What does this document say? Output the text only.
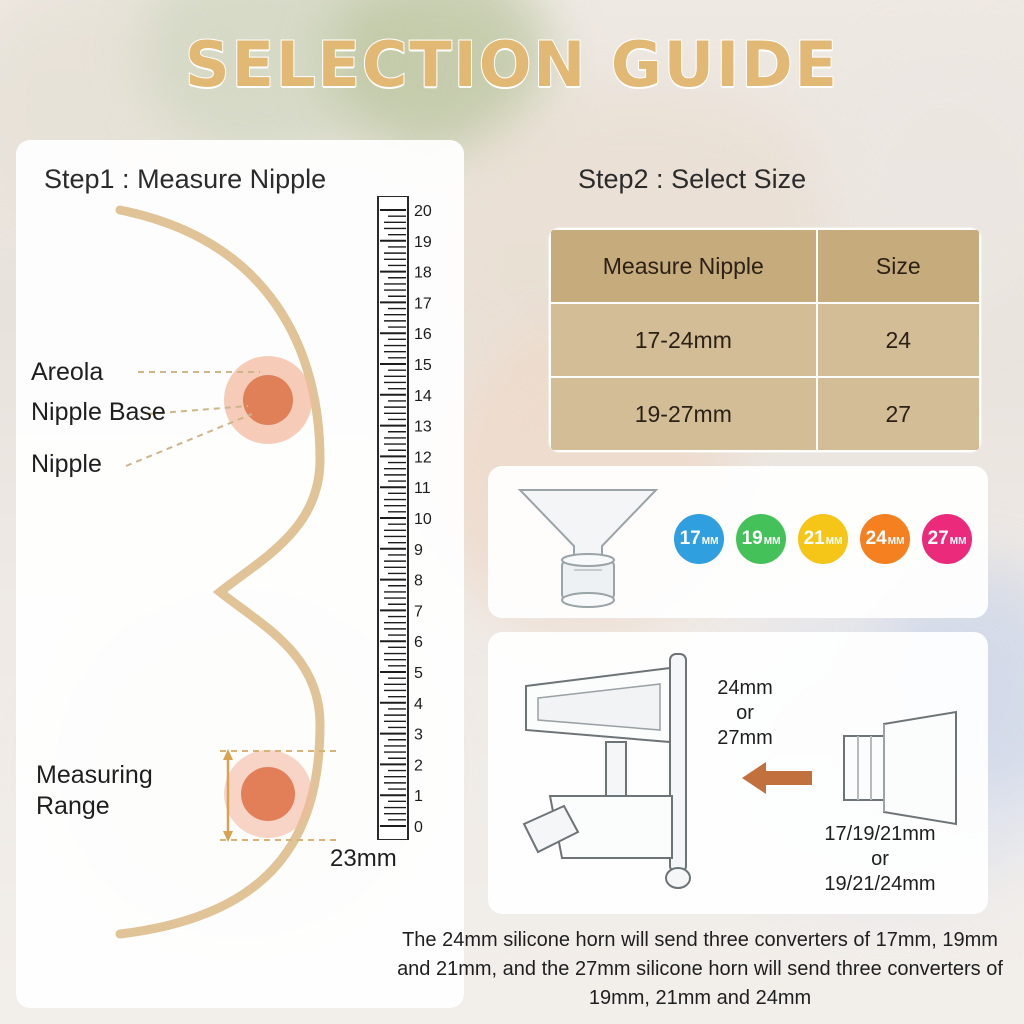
SELECTION GUIDE
Step1 : Measure Nipple	Step2 : Select Size
Areola
Nipple Base
Nipple
Measuring
Range
23mm
20
19
18
17
16
15
14
13
12
11
10
9
8
7
6
5
4
3
2
1
0
Measure Nipple	Size
17-24mm	24
19-27mm	27
17 MM 19 MM 21 MM 24 MM 27 MM
24mm
or
27mm
17/19/21mm
or
19/21/24mm
The 24mm silicone horn will send three converters of 17mm, 19mm and 21mm, and the 27mm silicone horn will send three converters of 19mm, 21mm and 24mm
